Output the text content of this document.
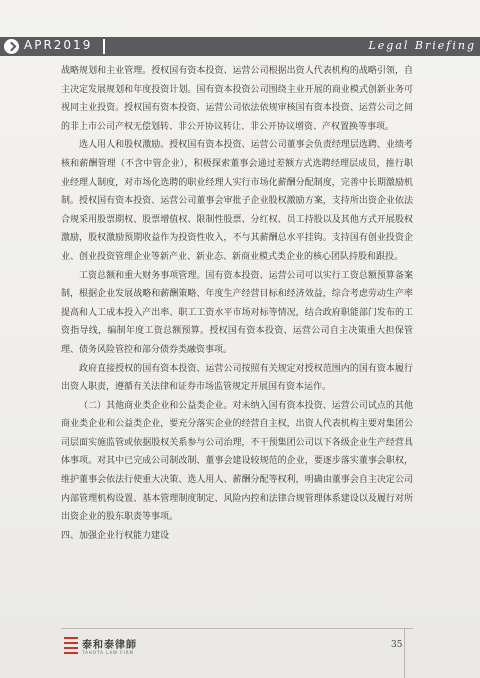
APR2019	Legal Briefing

战略规划和主业管理。授权国有资本投资、运营公司根据出资人代表机构的战略引领，自主决定发展规划和年度投资计划。国有资本投资公司围绕主业开展的商业模式创新业务可视同主业投资。授权国有资本投资、运营公司依法依规审核国有资本投资、运营公司之间的非上市公司产权无偿划转、非公开协议转让、非公开协议增资、产权置换等事项。

选人用人和股权激励。授权国有资本投资、运营公司董事会负责经理层选聘、业绩考核和薪酬管理（不含中管企业），积极探索董事会通过差额方式选聘经理层成员，推行职业经理人制度，对市场化选聘的职业经理人实行市场化薪酬分配制度，完善中长期激励机制。授权国有资本投资、运营公司董事会审批子企业股权激励方案，支持所出资企业依法合规采用股票期权、股票增值权、限制性股票、分红权、员工持股以及其他方式开展股权激励，股权激励预期收益作为投资性收入，不与其薪酬总水平挂钩。支持国有创业投资企业、创业投资管理企业等新产业、新业态、新商业模式类企业的核心团队持股和跟投。

工资总额和重大财务事项管理。国有资本投资、运营公司可以实行工资总额预算备案制，根据企业发展战略和薪酬策略、年度生产经营目标和经济效益，综合考虑劳动生产率提高和人工成本投入产出率、职工工资水平市场对标等情况，结合政府职能部门发布的工资指导线，编制年度工资总额预算。授权国有资本投资、运营公司自主决策重大担保管理、债务风险管控和部分债券类融资事项。

政府直接授权的国有资本投资、运营公司按照有关规定对授权范围内的国有资本履行出资人职责，遵循有关法律和证券市场监管规定开展国有资本运作。

（二）其他商业类企业和公益类企业。对未纳入国有资本投资、运营公司试点的其他商业类企业和公益类企业，要充分落实企业的经营自主权，出资人代表机构主要对集团公司层面实施监管或依据股权关系参与公司治理，不干预集团公司以下各级企业生产经营具体事项。对其中已完成公司制改制、董事会建设较规范的企业，要逐步落实董事会职权，维护董事会依法行使重大决策、选人用人、薪酬分配等权利，明确由董事会自主决定公司内部管理机构设置、基本管理制度制定、风险内控和法律合规管理体系建设以及履行对所出资企业的股东职责等事项。

四、加强企业行权能力建设

泰和泰律師
TAHOTA LAW FIRM
35
